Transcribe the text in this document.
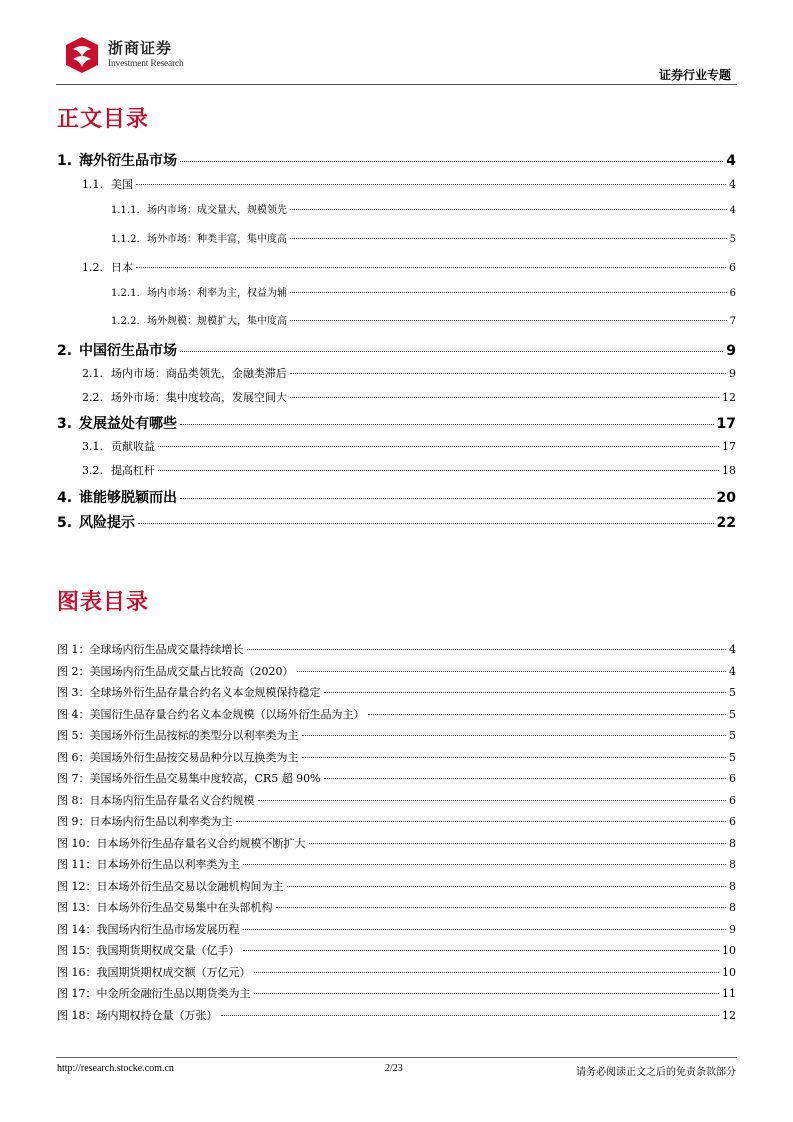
浙商证券
Investment Research
证券行业专题
正文目录
1. 海外衍生品市场	4
1.1. 美国	4
1.1.1. 场内市场：成交量大，规模领先	4
1.1.2. 场外市场：种类丰富，集中度高	5
1.2. 日本	6
1.2.1. 场内市场：利率为主，权益为辅	6
1.2.2. 场外规模：规模扩大，集中度高	7
2. 中国衍生品市场	9
2.1. 场内市场：商品类领先，金融类滞后	9
2.2. 场外市场：集中度较高，发展空间大	12
3. 发展益处有哪些	17
3.1. 贡献收益	17
3.2. 提高杠杆	18
4. 谁能够脱颖而出	20
5. 风险提示	22
图表目录
图 1：全球场内衍生品成交量持续增长	4
图 2：美国场内衍生品成交量占比较高（2020）	4
图 3：全球场外衍生品存量合约名义本金规模保持稳定	5
图 4：美国衍生品存量合约名义本金规模（以场外衍生品为主）	5
图 5：美国场外衍生品按标的类型分以利率类为主	5
图 6：美国场外衍生品按交易品种分以互换类为主	5
图 7：美国场外衍生品交易集中度较高，CR5 超 90%	6
图 8：日本场内衍生品存量名义合约规模	6
图 9：日本场内衍生品以利率类为主	6
图 10：日本场外衍生品存量名义合约规模不断扩大	8
图 11：日本场外衍生品以利率类为主	8
图 12：日本场外衍生品交易以金融机构间为主	8
图 13：日本场外衍生品交易集中在头部机构	8
图 14：我国场内衍生品市场发展历程	9
图 15：我国期货期权成交量（亿手）	10
图 16：我国期货期权成交额（万亿元）	10
图 17：中金所金融衍生品以期货类为主	11
图 18：场内期权持仓量（万张）	12
http://research.stocke.com.cn	2/23	请务必阅读正文之后的免责条款部分
